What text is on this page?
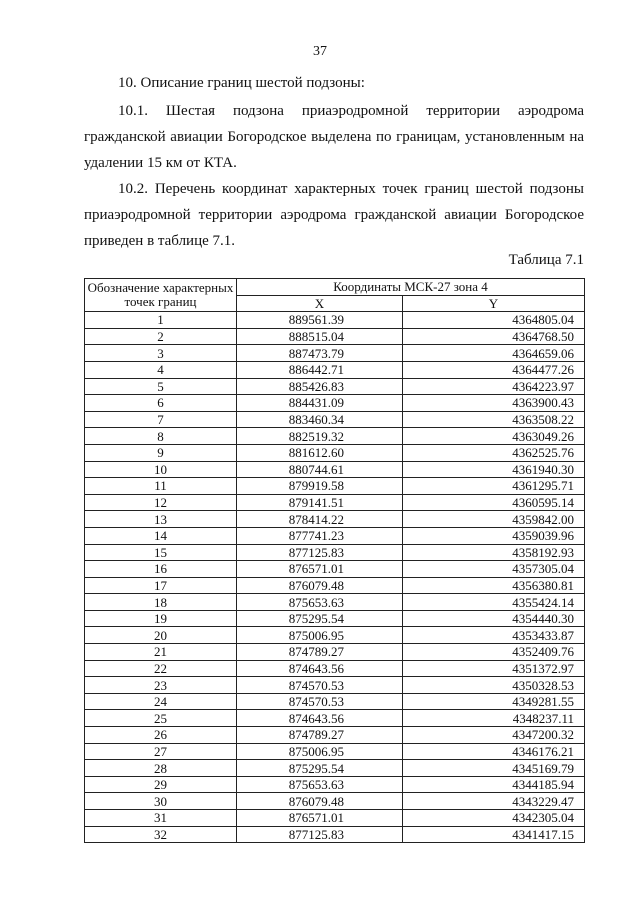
37

10. Описание границ шестой подзоны:

10.1. Шестая подзона приаэродромной территории аэродрома гражданской авиации Богородское выделена по границам, установленным на удалении 15 км от КТА.

10.2. Перечень координат характерных точек границ шестой подзоны приаэродромной территории аэродрома гражданской авиации Богородское приведен в таблице 7.1.

Таблица 7.1
Обозначение характерных точек границ	Координаты МСК-27 зона 4	
	X	Y
1	889561.39	4364805.04
2	888515.04	4364768.50
3	887473.79	4364659.06
4	886442.71	4364477.26
5	885426.83	4364223.97
6	884431.09	4363900.43
7	883460.34	4363508.22
8	882519.32	4363049.26
9	881612.60	4362525.76
10	880744.61	4361940.30
11	879919.58	4361295.71
12	879141.51	4360595.14
13	878414.22	4359842.00
14	877741.23	4359039.96
15	877125.83	4358192.93
16	876571.01	4357305.04
17	876079.48	4356380.81
18	875653.63	4355424.14
19	875295.54	4354440.30
20	875006.95	4353433.87
21	874789.27	4352409.76
22	874643.56	4351372.97
23	874570.53	4350328.53
24	874570.53	4349281.55
25	874643.56	4348237.11
26	874789.27	4347200.32
27	875006.95	4346176.21
28	875295.54	4345169.79
29	875653.63	4344185.94
30	876079.48	4343229.47
31	876571.01	4342305.04
32	877125.83	4341417.15
